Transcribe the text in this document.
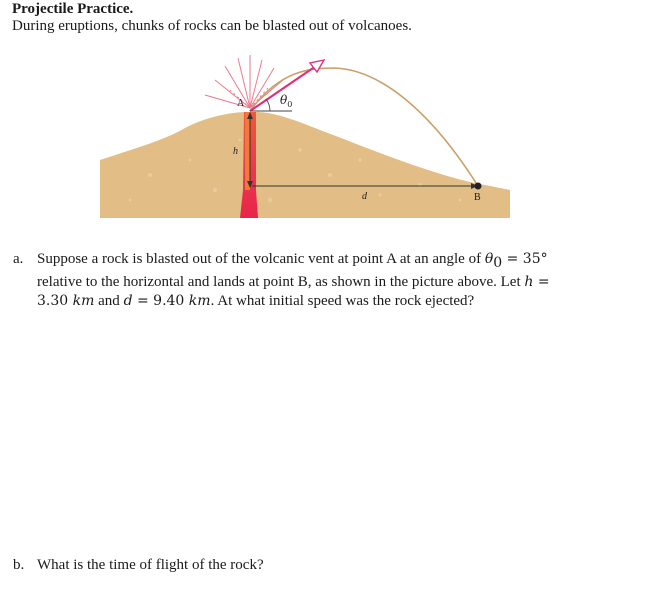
Projectile Practice.
During eruptions, chunks of rocks can be blasted out of volcanoes.
A
B
h
d
$\theta_0$
a. Suppose a rock is blasted out of the volcanic vent at point A at an angle of $\theta_0 = 35^\circ$
relative to the horizontal and lands at point B, as shown in the picture above. Let h =
3.30 km and d = 9.40 km. At what initial speed was the rock ejected?
b. What is the time of flight of the rock?
